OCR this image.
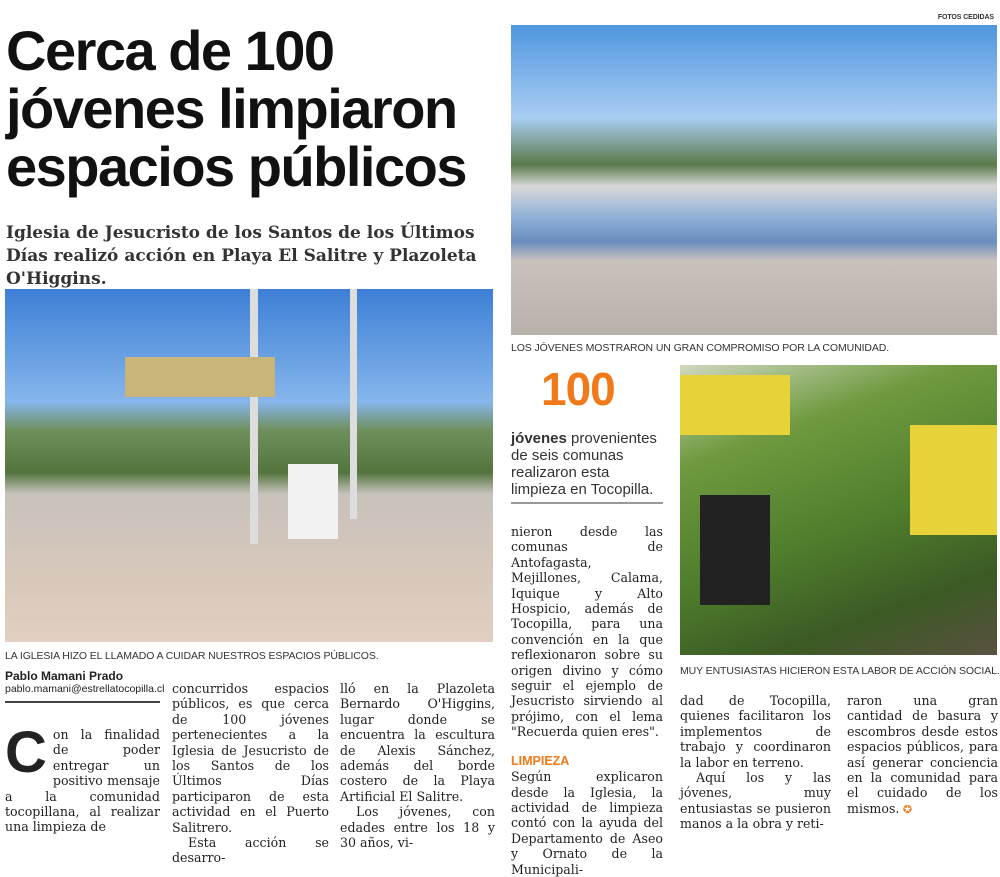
FOTOS CEDIDAS
Cerca de 100 jóvenes limpiaron espacios públicos
Iglesia de Jesucristo de los Santos de los Últimos Días realizó acción en Playa El Salitre y Plazoleta O'Higgins.
LA IGLESIA HIZO EL LLAMADO A CUIDAR NUESTROS ESPACIOS PÚBLICOS.
LOS JÓVENES MOSTRARON UN GRAN COMPROMISO POR LA COMUNIDAD.
MUY ENTUSIASTAS HICIERON ESTA LABOR DE ACCIÓN SOCIAL.
Pablo Mamani Prado
pablo.mamani@estrellatocopilla.cl
Con la finalidad de poder entregar un positivo mensaje a la comunidad tocopillana, al realizar una limpieza de

concurridos espacios públicos, es que cerca de 100 jóvenes pertenecientes a la Iglesia de Jesucristo de los Santos de los Últimos Días participaron de esta actividad en el Puerto Salitrero.

Esta acción se desarro-

lló en la Plazoleta Bernardo O'Higgins, lugar donde se encuentra la escultura de Alexis Sánchez, además del borde costero de la Playa Artificial El Salitre.

Los jóvenes, con edades entre los 18 y 30 años, vi-

100
jóvenes provenientes de seis comunas realizaron esta limpieza en Tocopilla.

nieron desde las comunas de Antofagasta, Mejillones, Calama, Iquique y Alto Hospicio, además de Tocopilla, para una convención en la que reflexionaron sobre su origen divino y cómo seguir el ejemplo de Jesucristo sirviendo al prójimo, con el lema "Recuerda quien eres".

LIMPIEZA

Según explicaron desde la Iglesia, la actividad de limpieza contó con la ayuda del Departamento de Aseo y Ornato de la Municipali-

dad de Tocopilla, quienes facilitaron los implementos de trabajo y coordinaron la labor en terreno.

Aquí los y las jóvenes, muy entusiastas se pusieron manos a la obra y reti-

raron una gran cantidad de basura y escombros desde estos espacios públicos, para así generar conciencia en la comunidad para el cuidado de los mismos. ✪
